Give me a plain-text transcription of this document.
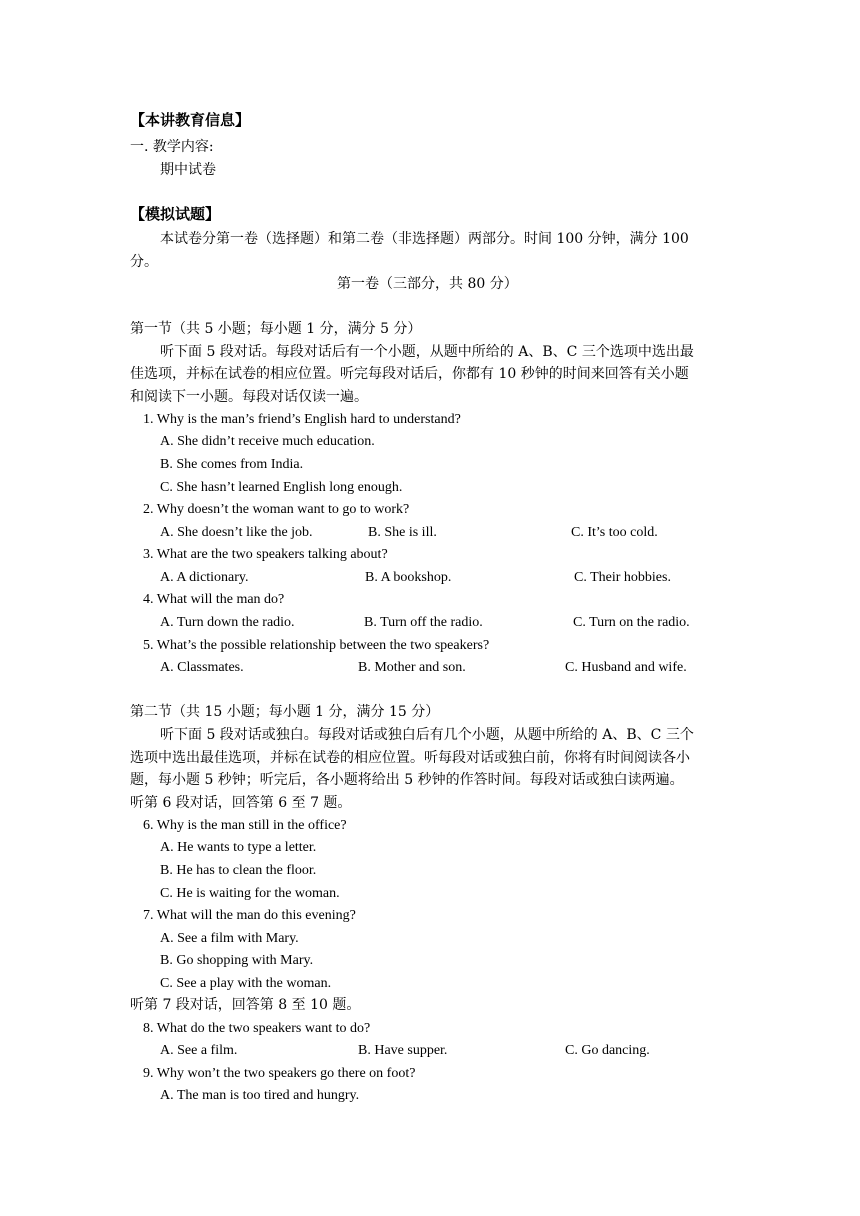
【本讲教育信息】
一. 教学内容:
期中试卷
【模拟试题】
本试卷分第一卷（选择题）和第二卷（非选择题）两部分。时间 100 分钟，满分 100
分。
第一卷（三部分，共 80 分）
第一节（共 5 小题；每小题 1 分，满分 5 分）
听下面 5 段对话。每段对话后有一个小题，从题中所给的 A、B、C 三个选项中选出最
佳选项，并标在试卷的相应位置。听完每段对话后，你都有 10 秒钟的时间来回答有关小题
和阅读下一小题。每段对话仅读一遍。
1. Why is the man’s friend’s English hard to understand?
A. She didn’t receive much education.
B. She comes from India.
C. She hasn’t learned English long enough.
2. Why doesn’t the woman want to go to work?
A. She doesn’t like the job.	B. She is ill.	C. It’s too cold.
3. What are the two speakers talking about?
A. A dictionary.	B. A bookshop.	C. Their hobbies.
4. What will the man do?
A. Turn down the radio.	B. Turn off the radio.	C. Turn on the radio.
5. What’s the possible relationship between the two speakers?
A. Classmates.	B. Mother and son.	C. Husband and wife.
第二节（共 15 小题；每小题 1 分，满分 15 分）
听下面 5 段对话或独白。每段对话或独白后有几个小题，从题中所给的 A、B、C 三个
选项中选出最佳选项，并标在试卷的相应位置。听每段对话或独白前，你将有时间阅读各小
题，每小题 5 秒钟；听完后，各小题将给出 5 秒钟的作答时间。每段对话或独白读两遍。
听第 6 段对话，回答第 6 至 7 题。
6. Why is the man still in the office?
A. He wants to type a letter.
B. He has to clean the floor.
C. He is waiting for the woman.
7. What will the man do this evening?
A. See a film with Mary.
B. Go shopping with Mary.
C. See a play with the woman.
听第 7 段对话，回答第 8 至 10 题。
8. What do the two speakers want to do?
A. See a film.	B. Have supper.	C. Go dancing.
9. Why won’t the two speakers go there on foot?
A. The man is too tired and hungry.
